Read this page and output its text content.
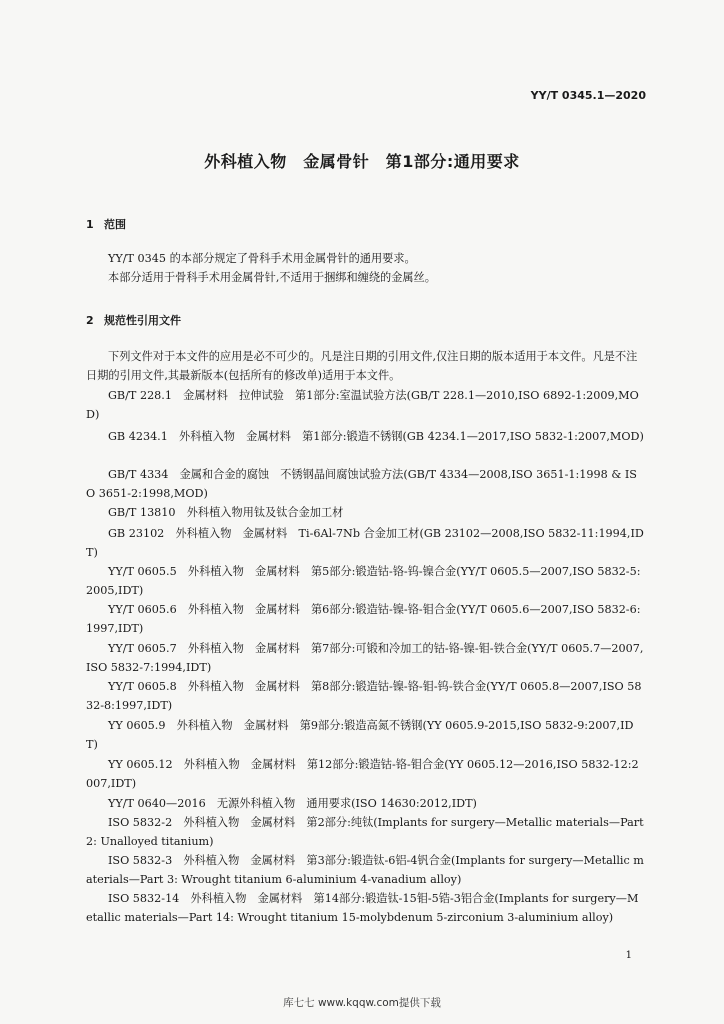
YY/T 0345.1—2020
外科植入物　金属骨针　第1部分:通用要求
1 范围
YY/T 0345 的本部分规定了骨科手术用金属骨针的通用要求。
本部分适用于骨科手术用金属骨针,不适用于捆绑和缠绕的金属丝。
2 规范性引用文件
下列文件对于本文件的应用是必不可少的。凡是注日期的引用文件,仅注日期的版本适用于本文件。凡是不注日期的引用文件,其最新版本(包括所有的修改单)适用于本文件。
GB/T 228.1　金属材料　拉伸试验　第1部分:室温试验方法(GB/T 228.1—2010,ISO 6892-1:2009,MOD)
GB 4234.1　外科植入物　金属材料　第1部分:锻造不锈钢(GB 4234.1—2017,ISO 5832-1:2007,MOD)
GB/T 4334　金属和合金的腐蚀　不锈钢晶间腐蚀试验方法(GB/T 4334—2008,ISO 3651-1:1998 & ISO 3651-2:1998,MOD)
GB/T 13810　外科植入物用钛及钛合金加工材
GB 23102　外科植入物　金属材料　Ti-6Al-7Nb 合金加工材(GB 23102—2008,ISO 5832-11:1994,IDT)
YY/T 0605.5　外科植入物　金属材料　第5部分:锻造钴-铬-钨-镍合金(YY/T 0605.5—2007,ISO 5832-5:2005,IDT)
YY/T 0605.6　外科植入物　金属材料　第6部分:锻造钴-镍-铬-钼合金(YY/T 0605.6—2007,ISO 5832-6:1997,IDT)
YY/T 0605.7　外科植入物　金属材料　第7部分:可锻和冷加工的钴-铬-镍-钼-铁合金(YY/T 0605.7—2007,ISO 5832-7:1994,IDT)
YY/T 0605.8　外科植入物　金属材料　第8部分:锻造钴-镍-铬-钼-钨-铁合金(YY/T 0605.8—2007,ISO 5832-8:1997,IDT)
YY 0605.9　外科植入物　金属材料　第9部分:锻造高氮不锈钢(YY 0605.9-2015,ISO 5832-9:2007,IDT)
YY 0605.12　外科植入物　金属材料　第12部分:锻造钴-铬-钼合金(YY 0605.12—2016,ISO 5832-12:2007,IDT)
YY/T 0640—2016　无源外科植入物　通用要求(ISO 14630:2012,IDT)
ISO 5832-2　外科植入物　金属材料　第2部分:纯钛(Implants for surgery—Metallic materials—Part 2: Unalloyed titanium)
ISO 5832-3　外科植入物　金属材料　第3部分:锻造钛-6铝-4钒合金(Implants for surgery—Metallic materials—Part 3: Wrought titanium 6-aluminium 4-vanadium alloy)
ISO 5832-14　外科植入物　金属材料　第14部分:锻造钛-15钼-5锆-3铝合金(Implants for surgery—Metallic materials—Part 14: Wrought titanium 15-molybdenum 5-zirconium 3-aluminium alloy)
1
库七七 www.kqqw.com提供下载
